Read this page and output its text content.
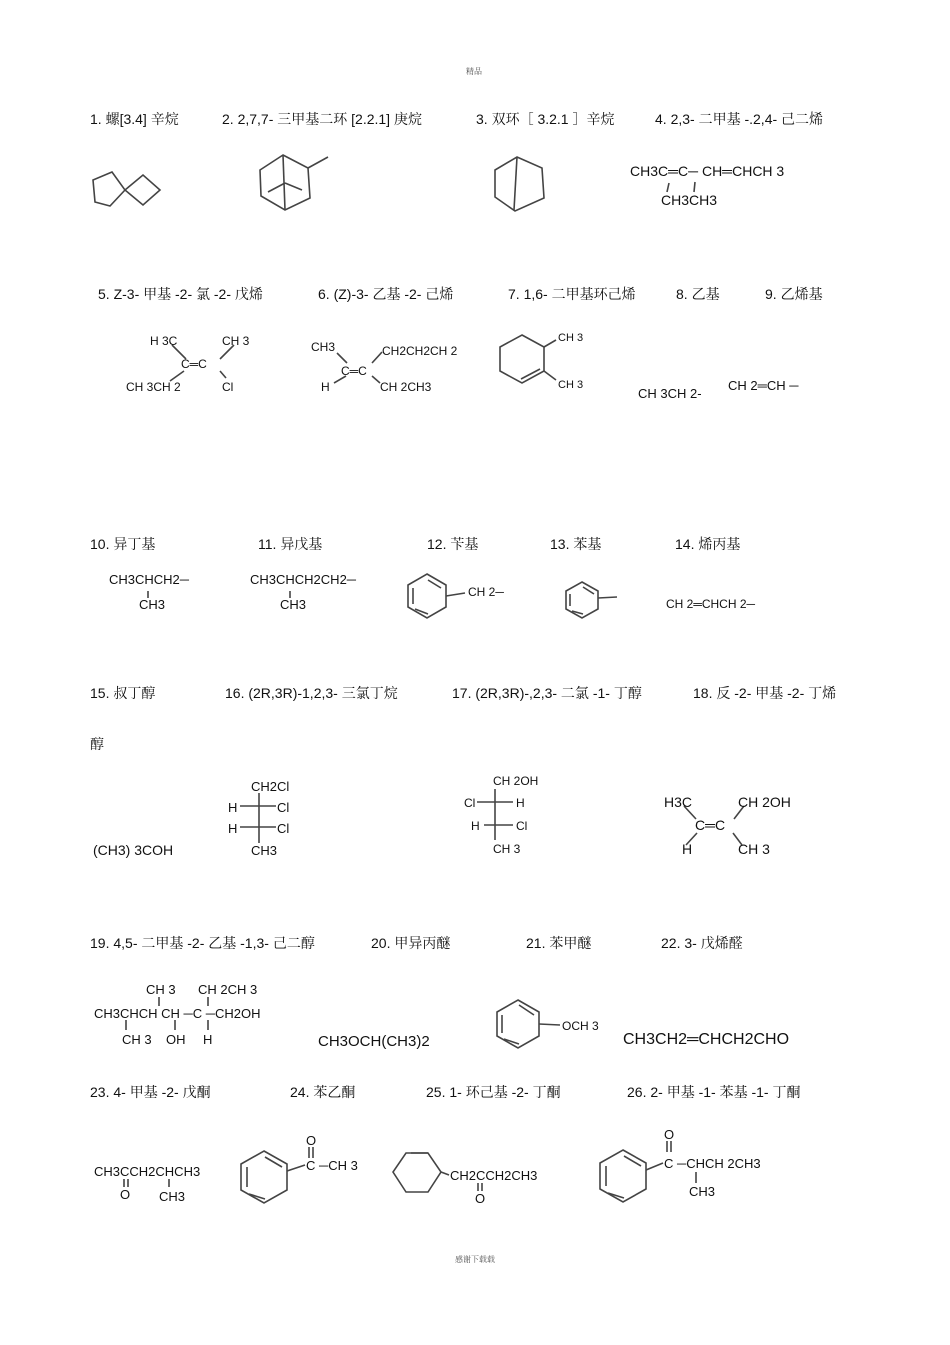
精品
感谢下载载
1. 螺[3.4] 辛烷	2. 2,7,7- 三甲基二环 [2.2.1] 庚烷	3. 双环［ 3.2.1 ］辛烷	4. 2,3- 二甲基 -.2,4- 己二烯
5. Z-3- 甲基 -2- 氯 -2- 戊烯	6. (Z)-3- 乙基 -2- 己烯	7. 1,6- 二甲基环己烯	8. 乙基	9. 乙烯基
10. 异丁基	11. 异戊基	12. 苄基	13. 苯基	14. 烯丙基
15. 叔丁醇	16. (2R,3R)-1,2,3- 三氯丁烷	17. (2R,3R)-,2,3- 二氯 -1- 丁醇	18. 反 -2- 甲基 -2- 丁烯
醇
19. 4,5- 二甲基 -2- 乙基 -1,3- 己二醇	20. 甲异丙醚	21. 苯甲醚	22. 3- 戊烯醛
23. 4- 甲基 -2- 戊酮	24. 苯乙酮	25. 1- 环己基 -2- 丁酮	26. 2- 甲基 -1- 苯基 -1- 丁酮
CH3C═C─ CH═CHCH 3
CH3CH3
H 3C	CH 3
C═C
CH 3CH 2	Cl
CH3	CH2CH2CH 2
C═C
H	CH 2CH3
CH 3
CH 3
CH 3CH 2-
CH 2═CH ─
CH3CHCH2─
CH3
CH3CHCH2CH2─
CH3
CH 2─
CH 2═CHCH 2─
(CH3) 3COH
CH2Cl
H	Cl
H	Cl
CH3
CH 2OH
Cl	H
H	Cl
CH 3
H3C	CH 2OH
C═C
H	CH 3
CH 3 CH 2CH 3
CH3CHCH CH ─C ─CH2OH
CH 3 OH H	CH3OCH(CH3)2
OCH 3
CH3CH2═CHCH2CHO
CH3CCH2CHCH3
O CH3
O
C ─CH 3
CH2CCH2CH3
O
O
C ─CHCH 2CH3
CH3
